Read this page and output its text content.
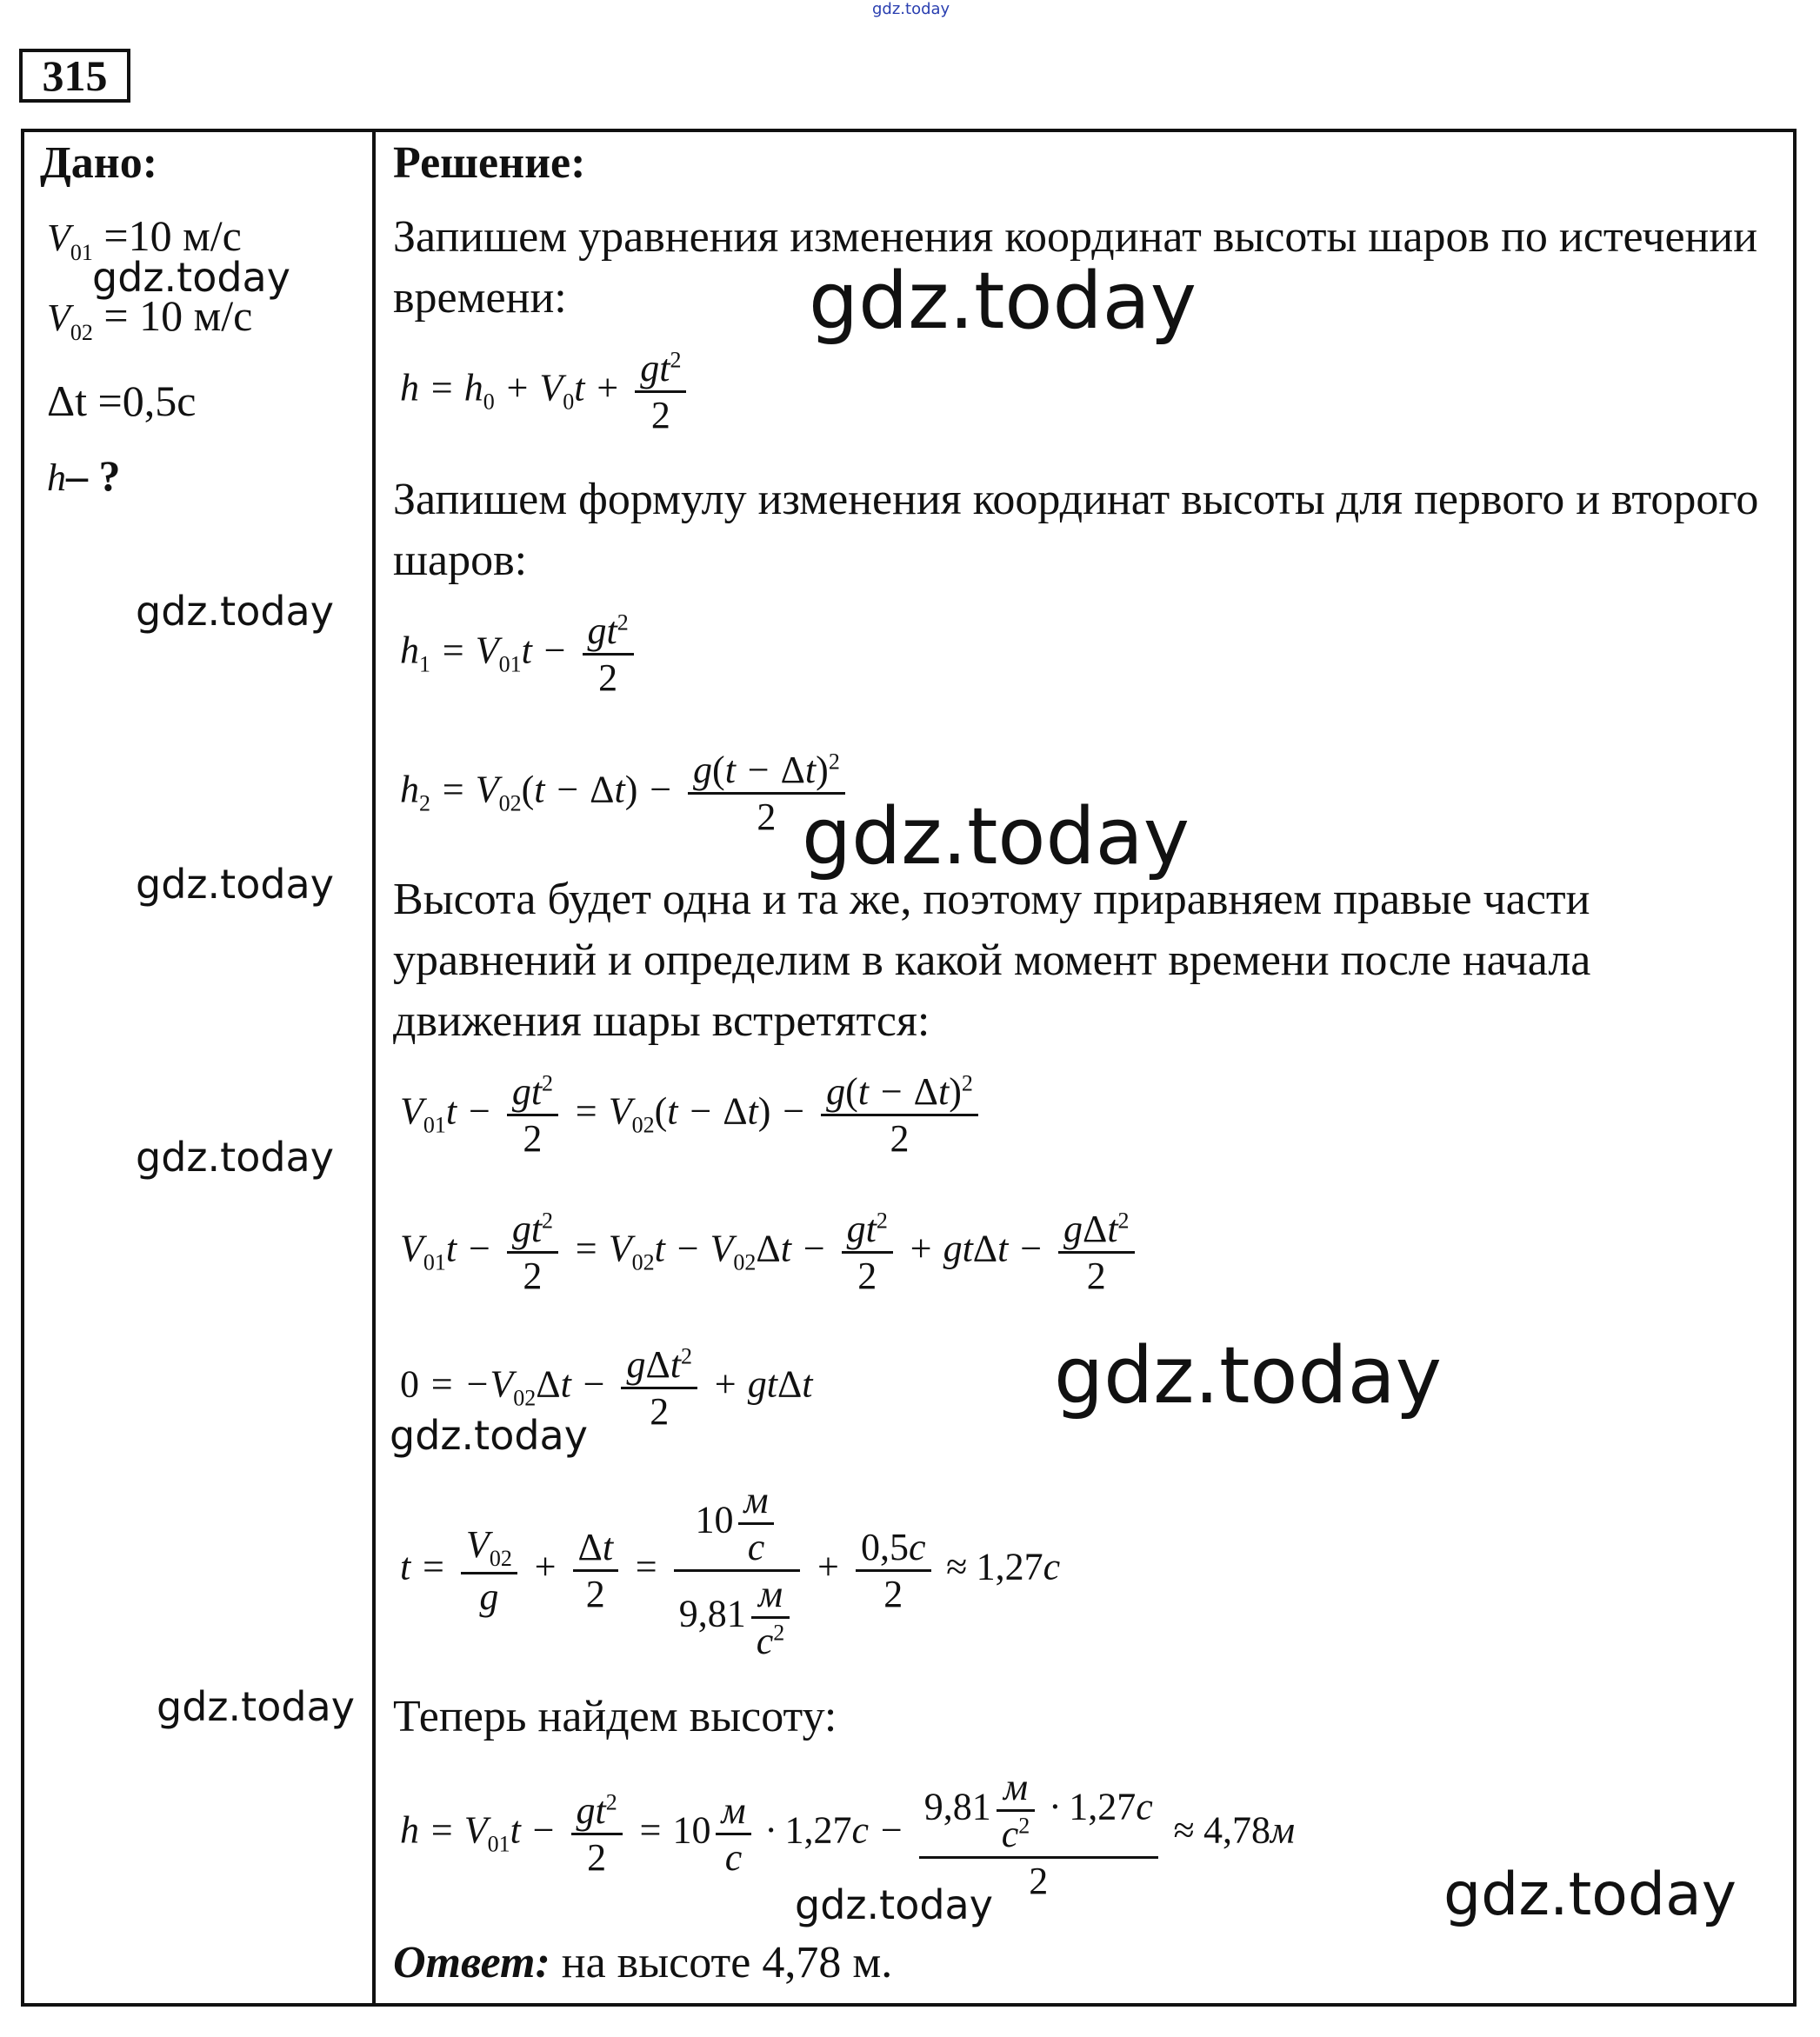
gdz.today
315
Дано:
$V_{01} =10$ м/с
gdz.today
$V_{02} = 10$ м/с
Δt =0,5с
h– ?
gdz.today
gdz.today
gdz.today
gdz.today
Решение:
Запишем уравнения изменения координат высоты шаров по истечении времени:	gdz.today
$h = h_0 + V_0t + \frac{gt^2}{2}$
Запишем формулу изменения координат высоты для первого и второго шаров:
$h_1 = V_{01}t - \frac{gt^2}{2}$
$h_2 = V_{02}(t - \Delta t) - \frac{g(t - \Delta t)^2}{2}$
gdz.today
Высота будет одна и та же, поэтому приравняем правые части уравнений и определим в какой момент времени после начала движения шары встретятся:
$V_{01}t - \frac{gt^2}{2} = V_{02}(t - \Delta t) - \frac{g(t - \Delta t)^2}{2}$
$V_{01}t - \frac{gt^2}{2} = V_{02}t - V_{02}\Delta t - \frac{gt^2}{2} + gt\Delta t - \frac{g\Delta t^2}{2}$
$0 = -V_{02}\Delta t - \frac{g\Delta t^2}{2} + gt\Delta t$	gdz.today
gdz.today
$t = \frac{V_{02}}{g} + \frac{\Delta t}{2} = \frac{10 \frac{м}{с}}{9,81 \frac{м}{с^2}} + \frac{0,5с}{2} \approx 1,27с$
Теперь найдем высоту:
$h = V_{01}t - \frac{gt^2}{2} = 10 \frac{м}{с} \cdot 1,27с - \frac{9,81 \frac{м}{с^2} \cdot 1,27с}{2} \approx 4,78м$
gdz.today	gdz.today
Ответ: на высоте 4,78 м.
